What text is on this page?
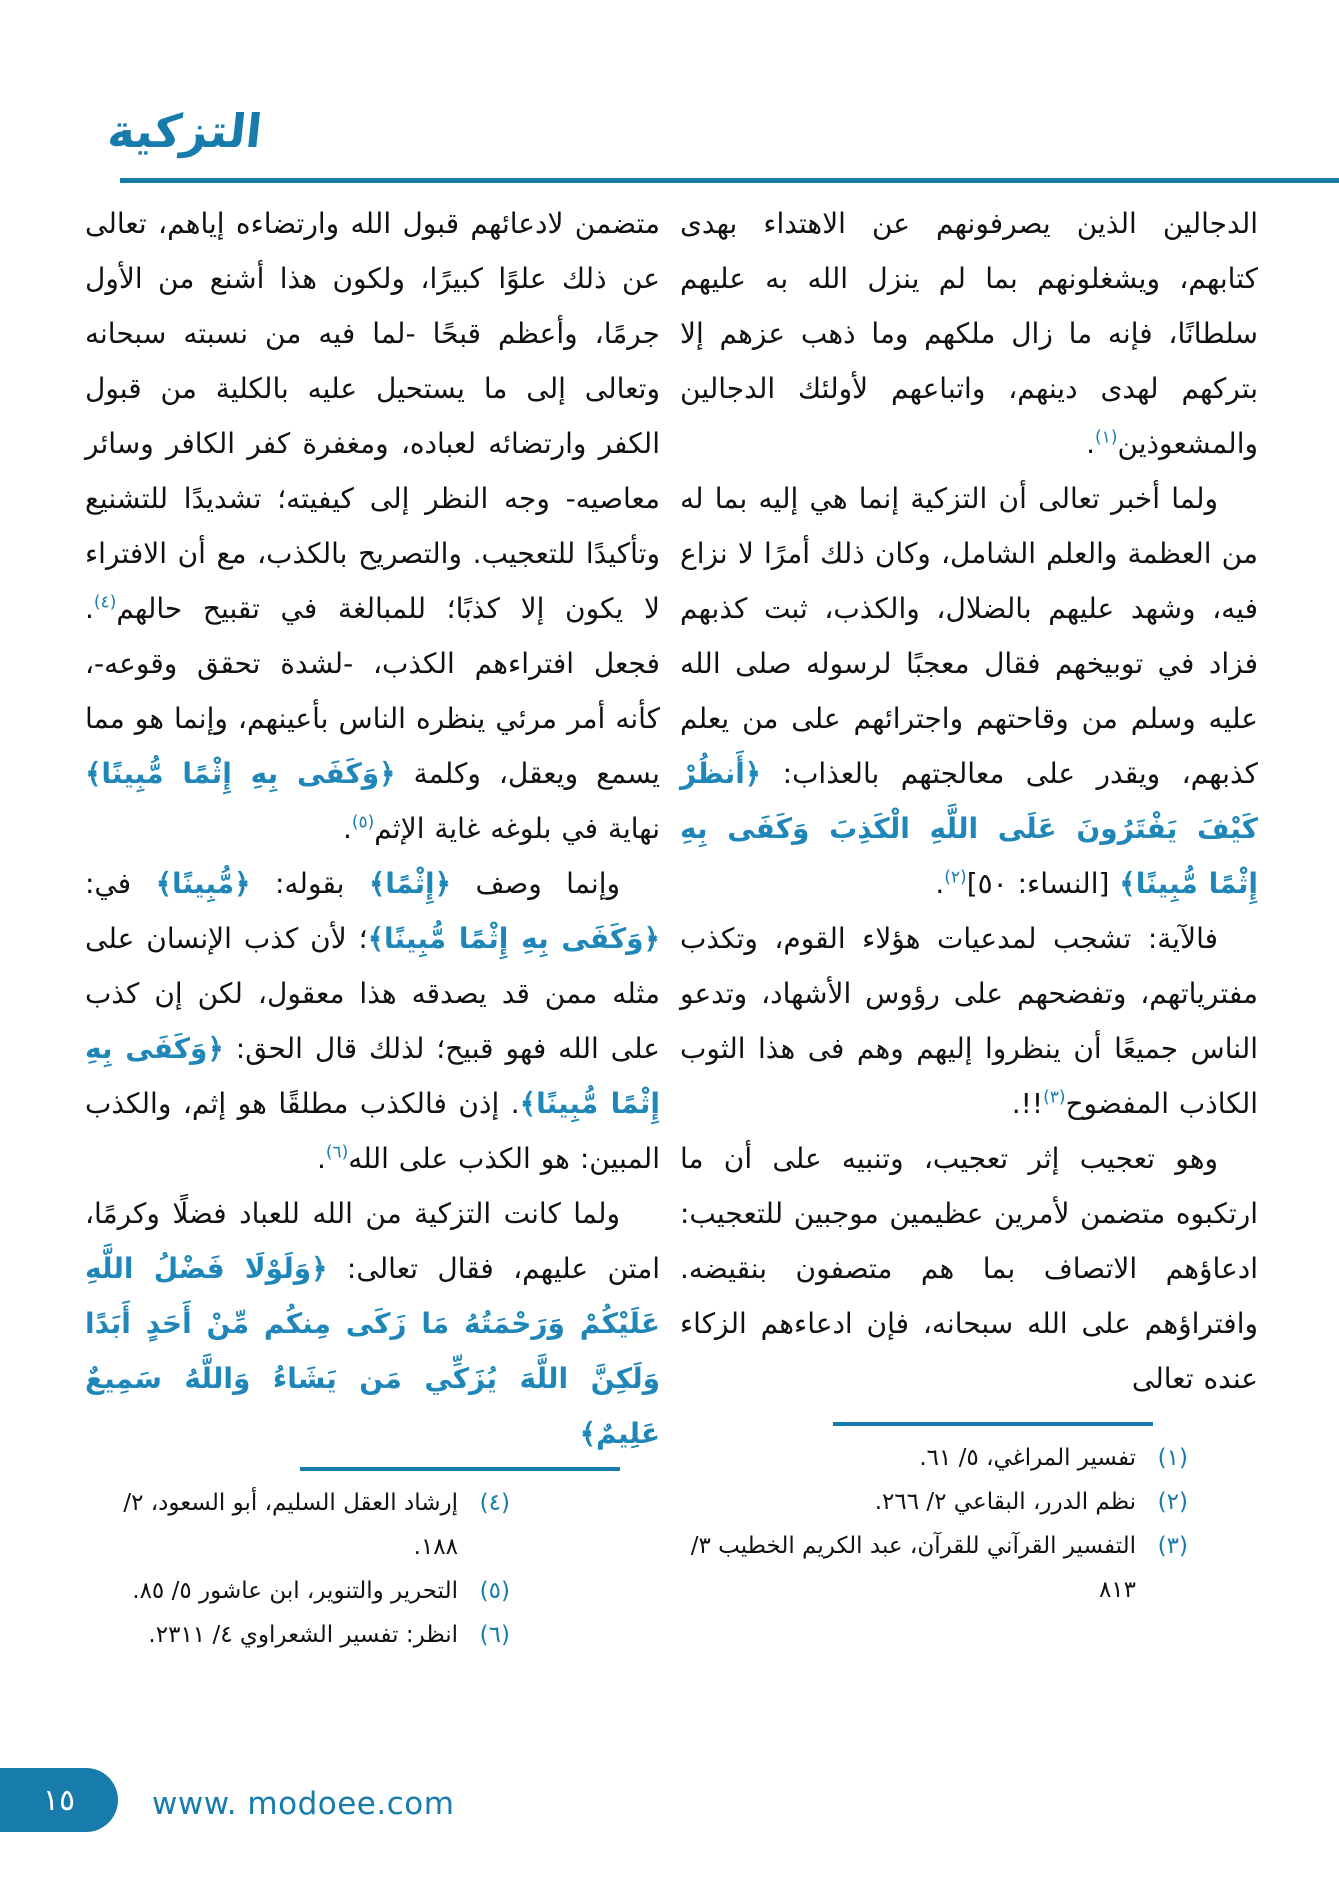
التزكية

الدجالين الذين يصرفونهم عن الاهتداء بهدى كتابهم، ويشغلونهم بما لم ينزل الله به عليهم سلطانًا، فإنه ما زال ملكهم وما ذهب عزهم إلا بتركهم لهدى دينهم، واتباعهم لأولئك الدجالين والمشعوذين$^{(١)}$.

ولما أخبر تعالى أن التزكية إنما هي إليه بما له من العظمة والعلم الشامل، وكان ذلك أمرًا لا نزاع فيه، وشهد عليهم بالضلال، والكذب، ثبت كذبهم فزاد في توبيخهم فقال معجبًا لرسوله صلى الله عليه وسلم من وقاحتهم واجترائهم على من يعلم كذبهم، ويقدر على معالجتهم بالعذاب: ﴿أَنظُرْ كَيْفَ يَفْتَرُونَ عَلَى اللَّهِ الْكَذِبَ وَكَفَى بِهِ إِثْمًا مُّبِينًا﴾ [النساء: ٥٠]$^{(٢)}$.

فالآية: تشجب لمدعيات هؤلاء القوم، وتكذب مفترياتهم، وتفضحهم على رؤوس الأشهاد، وتدعو الناس جميعًا أن ينظروا إليهم وهم فى هذا الثوب الكاذب المفضوح$^{(٣)}$!!.

وهو تعجيب إثر تعجيب، وتنبيه على أن ما ارتكبوه متضمن لأمرين عظيمين موجبين للتعجيب: ادعاؤهم الاتصاف بما هم متصفون بنقيضه. وافتراؤهم على الله سبحانه، فإن ادعاءهم الزكاء عنده تعالى

(١)
تفسير المراغي، ٥/ ٦١.
(٢)
نظم الدرر، البقاعي ٢/ ٢٦٦.
(٣)
التفسير القرآني للقرآن، عبد الكريم الخطيب ٣/ ٨١٣

متضمن لادعائهم قبول الله وارتضاءه إياهم، تعالى عن ذلك علوًا كبيرًا، ولكون هذا أشنع من الأول جرمًا، وأعظم قبحًا -لما فيه من نسبته سبحانه وتعالى إلى ما يستحيل عليه بالكلية من قبول الكفر وارتضائه لعباده، ومغفرة كفر الكافر وسائر معاصيه- وجه النظر إلى كيفيته؛ تشديدًا للتشنيع وتأكيدًا للتعجيب. والتصريح بالكذب، مع أن الافتراء لا يكون إلا كذبًا؛ للمبالغة في تقبيح حالهم$^{(٤)}$. فجعل افتراءهم الكذب، -لشدة تحقق وقوعه-، كأنه أمر مرئي ينظره الناس بأعينهم، وإنما هو مما يسمع ويعقل، وكلمة ﴿وَكَفَى بِهِ إِثْمًا مُّبِينًا﴾ نهاية في بلوغه غاية الإثم$^{(٥)}$.

وإنما وصف ﴿إِثْمًا﴾ بقوله: ﴿مُّبِينًا﴾ في: ﴿وَكَفَى بِهِ إِثْمًا مُّبِينًا﴾؛ لأن كذب الإنسان على مثله ممن قد يصدقه هذا معقول، لكن إن كذب على الله فهو قبيح؛ لذلك قال الحق: ﴿وَكَفَى بِهِ إِثْمًا مُّبِينًا﴾. إذن فالكذب مطلقًا هو إثم، والكذب المبين: هو الكذب على الله$^{(٦)}$.

ولما كانت التزكية من الله للعباد فضلًا وكرمًا، امتن عليهم، فقال تعالى: ﴿وَلَوْلَا فَضْلُ اللَّهِ عَلَيْكُمْ وَرَحْمَتُهُ مَا زَكَى مِنكُم مِّنْ أَحَدٍ أَبَدًا وَلَكِنَّ اللَّهَ يُزَكِّي مَن يَشَاءُ وَاللَّهُ سَمِيعٌ عَلِيمٌ﴾

(٤)
إرشاد العقل السليم، أبو السعود، ٢/ ١٨٨.
(٥)
التحرير والتنوير، ابن عاشور ٥/ ٨٥.
(٦)
انظر: تفسير الشعراوي ٤/ ٢٣١١.
١٥ www. modoee.com
